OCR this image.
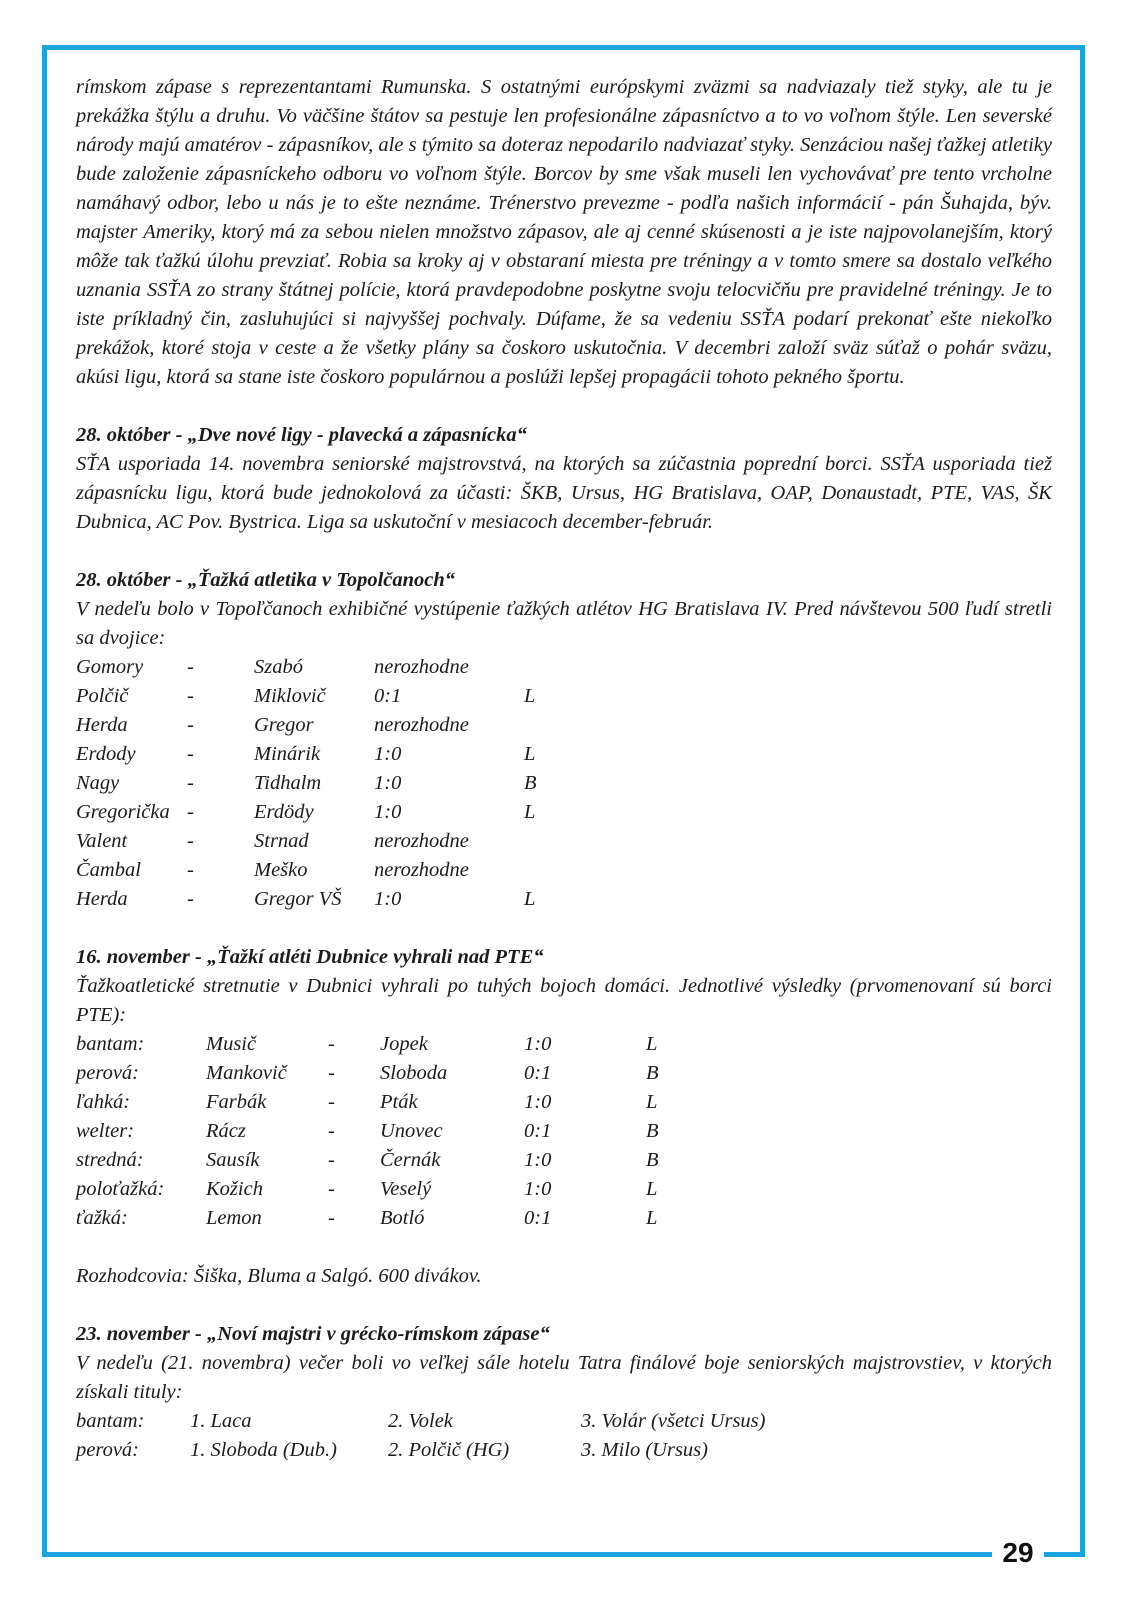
29

rímskom zápase s reprezentantami Rumunska. S ostatnými európskymi zväzmi sa nadviazaly tiež styky, ale tu je prekážka štýlu a druhu. Vo väčšine štátov sa pestuje len profesionálne zápasníctvo a to vo voľnom štýle. Len severské národy majú amatérov - zápasníkov, ale s týmito sa doteraz nepodarilo nadviazať styky. Senzáciou našej ťažkej atletiky bude založenie zápasníckeho odboru vo voľnom štýle. Borcov by sme však museli len vychovávať pre tento vrcholne namáhavý odbor, lebo u nás je to ešte neznáme. Trénerstvo prevezme - podľa našich informácií - pán Šuhajda, býv. majster Ameriky, ktorý má za sebou nielen množstvo zápasov, ale aj cenné skúsenosti a je iste najpovolanejším, ktorý môže tak ťažkú úlohu prevziať. Robia sa kroky aj v obstaraní miesta pre tréningy a v tomto smere sa dostalo veľkého uznania SSŤA zo strany štátnej polície, ktorá pravdepodobne poskytne svoju telocvičňu pre pravidelné tréningy. Je to iste príkladný čin, zasluhujúci si najvyššej pochvaly. Dúfame, že sa vedeniu SSŤA podarí prekonať ešte niekoľko prekážok, ktoré stoja v ceste a že všetky plány sa čoskoro uskutočnia. V decembri založí sväz súťaž o pohár sväzu, akúsi ligu, ktorá sa stane iste čoskoro populárnou a poslúži lepšej propagácii tohoto pekného športu.

28. október - „Dve nové ligy - plavecká a zápasnícka“

SŤA usporiada 14. novembra seniorské majstrovstvá, na ktorých sa zúčastnia poprední borci. SSŤA usporiada tiež zápasnícku ligu, ktorá bude jednokolová za účasti: ŠKB, Ursus, HG Bratislava, OAP, Donaustadt, PTE, VAS, ŠK Dubnica, AC Pov. Bystrica. Liga sa uskutoční v mesiacoch december-február.

28. október - „Ťažká atletika v Topolčanoch“

V nedeľu bolo v Topoľčanoch exhibičné vystúpenie ťažkých atlétov HG Bratislava IV. Pred návštevou 500 ľudí stretli sa dvojice:

Gomory	-	Szabó	nerozhodne
Polčič	-	Miklovič	0:1	L
Herda	-	Gregor	nerozhodne
Erdody	-	Minárik	1:0	L
Nagy	-	Tidhalm	1:0	B
Gregorička -	Erdödy	1:0	L
Valent	-	Strnad	nerozhodne
Čambal	-	Meško	nerozhodne
Herda	-	Gregor VŠ	1:0	L

16. november - „Ťažkí atléti Dubnice vyhrali nad PTE“

Ťažkoatletické stretnutie v Dubnici vyhrali po tuhých bojoch domáci. Jednotlivé výsledky (prvomenovaní sú borci PTE):

bantam:	Musič	-	Jopek	1:0	L
perová:	Mankovič	-	Sloboda	0:1	B
ľahká:	Farbák	-	Pták	1:0	L
welter:	Rácz	-	Unovec	0:1	B
stredná:	Sausík	-	Černák	1:0	B
poloťažká:	Kožich	-	Veselý	1:0	L
ťažká:	Lemon	-	Botló	0:1	L

Rozhodcovia: Šiška, Bluma a Salgó. 600 divákov.

23. november - „Noví majstri v grécko-rímskom zápase“

V nedeľu (21. novembra) večer boli vo veľkej sále hotelu Tatra finálové boje seniorských majstrovstiev, v ktorých získali tituly:

bantam:	1. Laca	2. Volek	3. Volár (všetci Ursus)
perová:	1. Sloboda (Dub.)	2. Polčič (HG)	3. Milo (Ursus)
